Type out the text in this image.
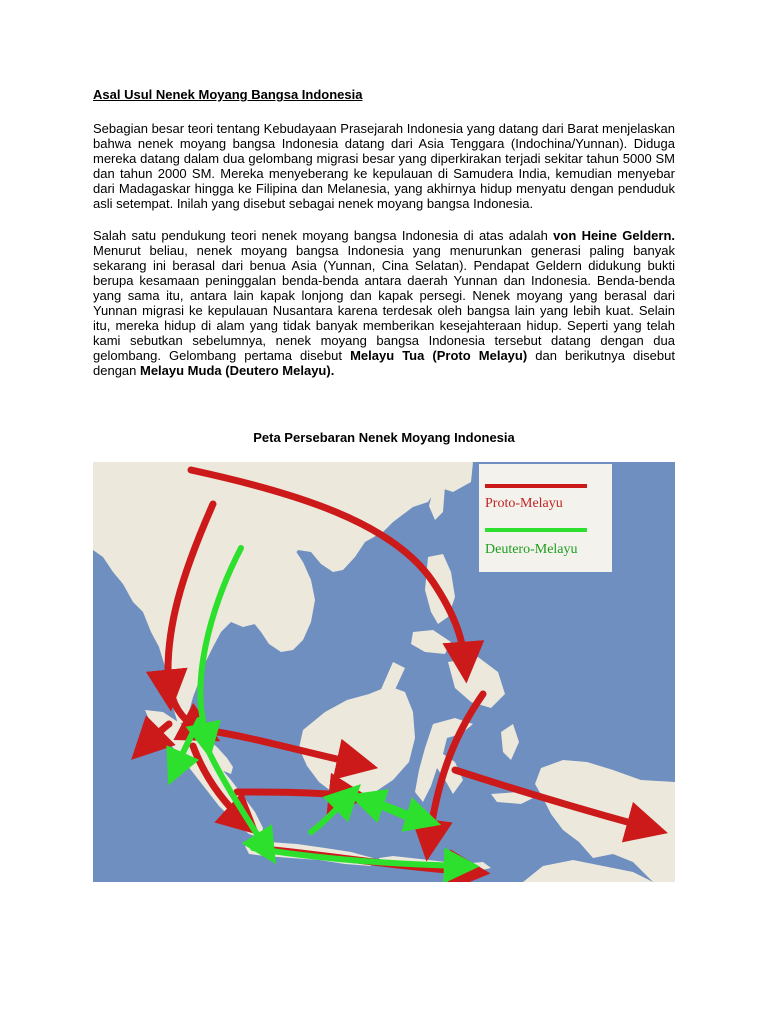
Asal Usul Nenek Moyang Bangsa Indonesia

Sebagian besar teori tentang Kebudayaan Prasejarah Indonesia yang datang dari Barat menjelaskan bahwa nenek moyang bangsa Indonesia datang dari Asia Tenggara (Indochina/Yunnan). Diduga mereka datang dalam dua gelombang migrasi besar yang diperkirakan terjadi sekitar tahun 5000 SM dan tahun 2000 SM. Mereka menyeberang ke kepulauan di Samudera India, kemudian menyebar dari Madagaskar hingga ke Filipina dan Melanesia, yang akhirnya hidup menyatu dengan penduduk asli setempat. Inilah yang disebut sebagai nenek moyang bangsa Indonesia.

Salah satu pendukung teori nenek moyang bangsa Indonesia di atas adalah von Heine Geldern. Menurut beliau, nenek moyang bangsa Indonesia yang menurunkan generasi paling banyak sekarang ini berasal dari benua Asia (Yunnan, Cina Selatan). Pendapat Geldern didukung bukti berupa kesamaan peninggalan benda-benda antara daerah Yunnan dan Indonesia. Benda-benda yang sama itu, antara lain kapak lonjong dan kapak persegi. Nenek moyang yang berasal dari Yunnan migrasi ke kepulauan Nusantara karena terdesak oleh bangsa lain yang lebih kuat. Selain itu, mereka hidup di alam yang tidak banyak memberikan kesejahteraan hidup. Seperti yang telah kami sebutkan sebelumnya, nenek moyang bangsa Indonesia tersebut datang dengan dua gelombang. Gelombang pertama disebut Melayu Tua (Proto Melayu) dan berikutnya disebut dengan Melayu Muda (Deutero Melayu).

Peta Persebaran Nenek Moyang Indonesia
Proto-Melayu
Deutero-Melayu
